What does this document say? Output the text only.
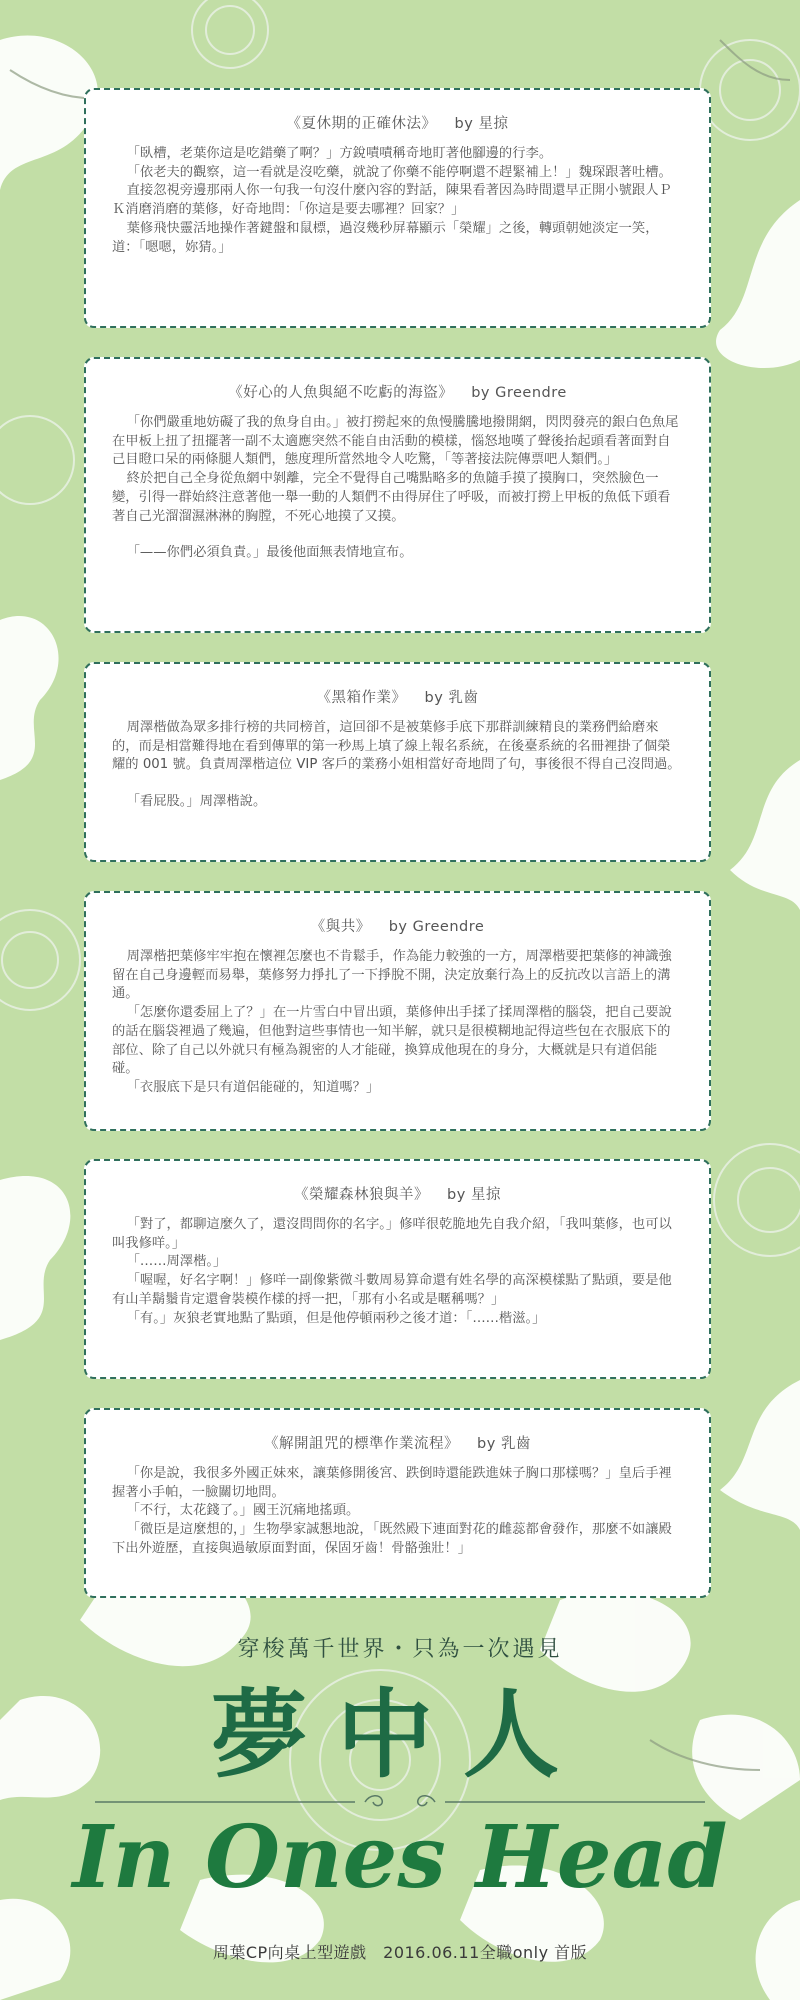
《夏休期的正確休法》 by 星掠

「臥槽，老葉你這是吃錯藥了啊？」方銳嘖嘖稱奇地盯著他腳邊的行李。

「依老夫的觀察，這一看就是沒吃藥，就說了你藥不能停啊還不趕緊補上！」魏琛跟著吐槽。

直接忽視旁邊那兩人你一句我一句沒什麼內容的對話，陳果看著因為時間還早正開小號跟人ＰＫ消磨消磨的葉修，好奇地問：「你這是要去哪裡？回家？」

葉修飛快靈活地操作著鍵盤和鼠標，過沒幾秒屏幕顯示「榮耀」之後，轉頭朝她淡定一笑，道：「嗯嗯，妳猜。」

《好心的人魚與絕不吃虧的海盜》 by Greendre

「你們嚴重地妨礙了我的魚身自由。」被打撈起來的魚慢騰騰地撥開網，閃閃發亮的銀白色魚尾在甲板上扭了扭擺著一副不太適應突然不能自由活動的模樣，惱怒地嘆了聲後抬起頭看著面對自己目瞪口呆的兩條腿人類們，態度理所當然地令人吃驚，「等著接法院傳票吧人類們。」

終於把自己全身從魚網中剝離，完全不覺得自己嘴點略多的魚隨手摸了摸胸口，突然臉色一變，引得一群始終注意著他一舉一動的人類們不由得屏住了呼吸，而被打撈上甲板的魚低下頭看著自己光溜溜濕淋淋的胸膛，不死心地摸了又摸。

「——你們必須負責。」最後他面無表情地宣布。

《黑箱作業》 by 乳齒

周澤楷做為眾多排行榜的共同榜首，這回卻不是被葉修手底下那群訓練精良的業務們給磨來的，而是相當難得地在看到傳單的第一秒馬上填了線上報名系統，在後臺系統的名冊裡掛了個榮耀的 001 號。負責周澤楷這位 VIP 客戶的業務小姐相當好奇地問了句，事後很不得自己沒問過。

「看屁股。」周澤楷說。

《與共》 by Greendre

周澤楷把葉修牢牢抱在懷裡怎麼也不肯鬆手，作為能力較強的一方，周澤楷要把葉修的神識強留在自己身邊輕而易舉，葉修努力掙扎了一下掙脫不開，決定放棄行為上的反抗改以言語上的溝通。

「怎麼你還委屈上了？」在一片雪白中冒出頭，葉修伸出手揉了揉周澤楷的腦袋，把自己要說的話在腦袋裡過了幾遍，但他對這些事情也一知半解，就只是很模糊地記得這些包在衣服底下的部位、除了自己以外就只有極為親密的人才能碰，換算成他現在的身分，大概就是只有道侶能碰。

「衣服底下是只有道侶能碰的，知道嗎？」

《榮耀森林狼與羊》 by 星掠

「對了，都聊這麼久了，還沒問問你的名字。」修咩很乾脆地先自我介紹，「我叫葉修，也可以叫我修咩。」

「……周澤楷。」

「喔喔，好名字啊！」修咩一副像紫微斗數周易算命還有姓名學的高深模樣點了點頭，要是他有山羊鬍鬚肯定還會裝模作樣的捋一把，「那有小名或是暱稱嗎？」

「有。」灰狼老實地點了點頭，但是他停頓兩秒之後才道：「……楷滋。」

《解開詛咒的標準作業流程》 by 乳齒

「你是說，我很多外國正妹來，讓葉修開後宮、跌倒時還能跌進妹子胸口那樣嗎？」皇后手裡握著小手帕，一臉關切地問。

「不行，太花錢了。」國王沉痛地搖頭。

「微臣是這麼想的，」生物學家誠懇地說，「既然殿下連面對花的雌蕊都會發作，那麼不如讓殿下出外遊歷，直接與過敏原面對面，保固牙齒！骨骼強壯！」

穿梭萬千世界・只為一次遇見
夢中人
In Ones Head
周葉CP向桌上型遊戲　2016.06.11全職only 首版
